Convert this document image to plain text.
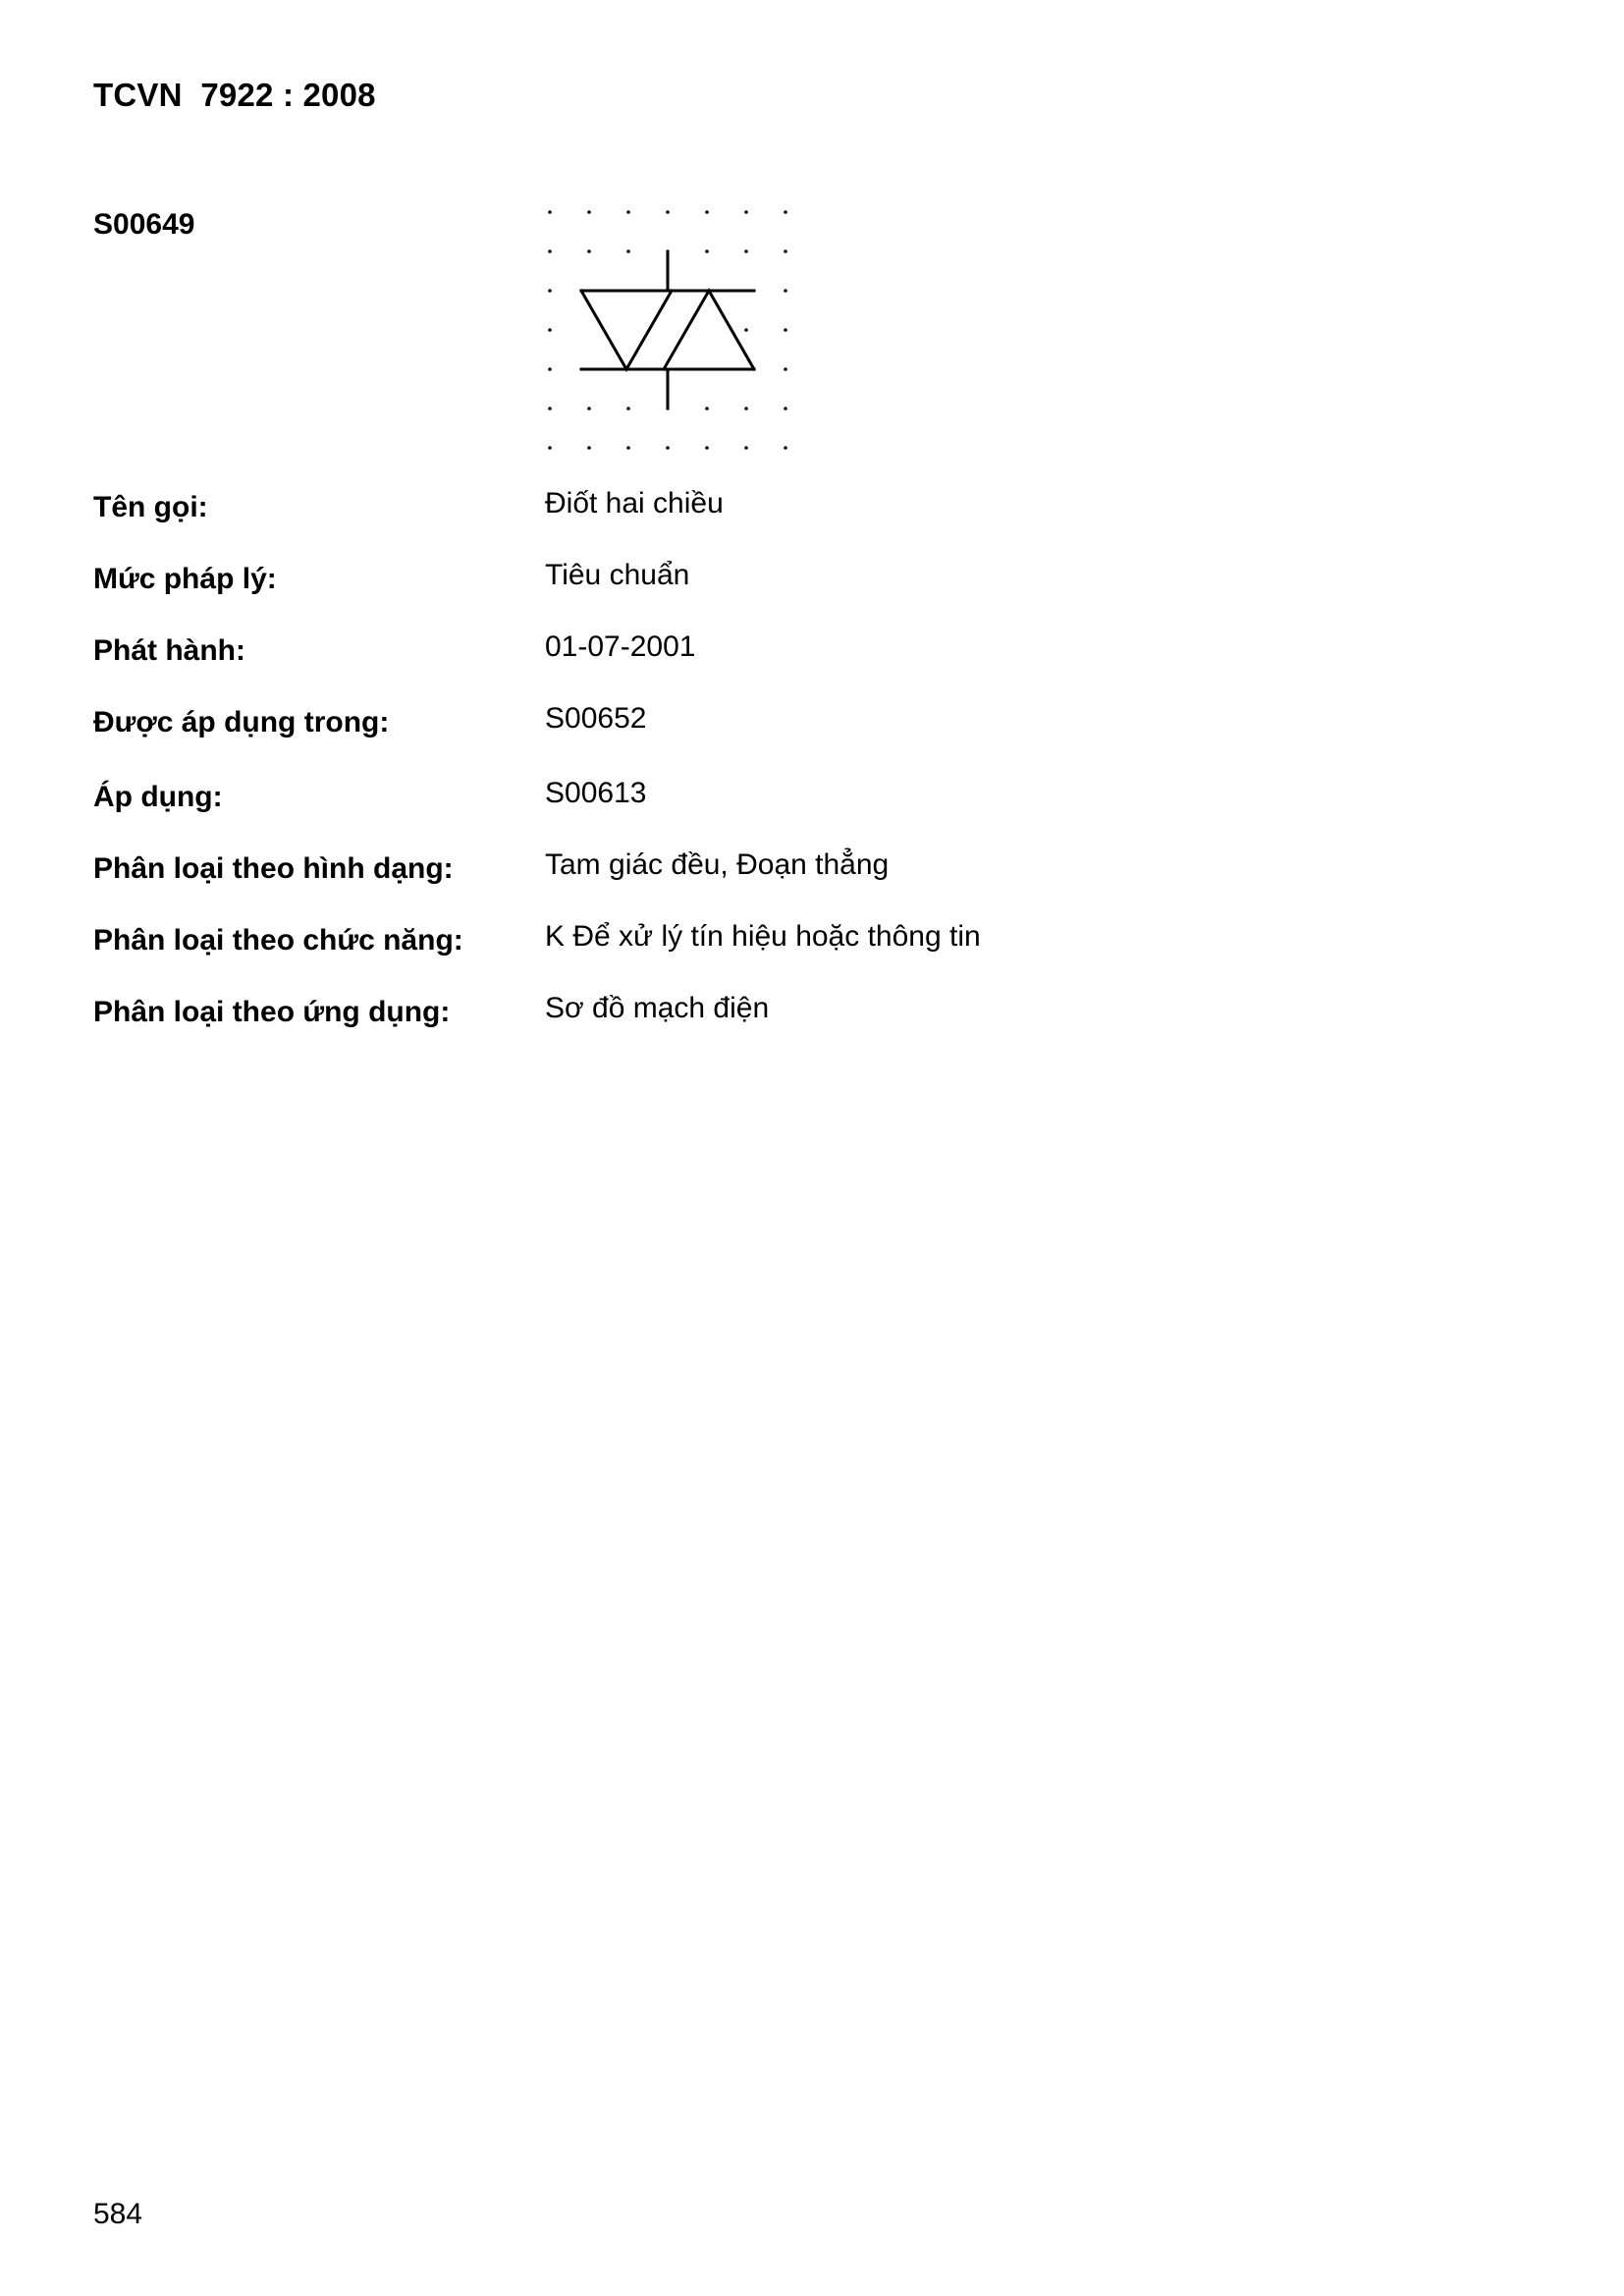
TCVN  7922 : 2008
S00649
Tên gọi:	Điốt hai chiều
Mức pháp lý:	Tiêu chuẩn
Phát hành:	01-07-2001
Được áp dụng trong:	S00652
Áp dụng:	S00613
Phân loại theo hình dạng:	Tam giác đều, Đoạn thẳng
Phân loại theo chức năng:	K Để xử lý tín hiệu hoặc thông tin
Phân loại theo ứng dụng:	Sơ đồ mạch điện
584
